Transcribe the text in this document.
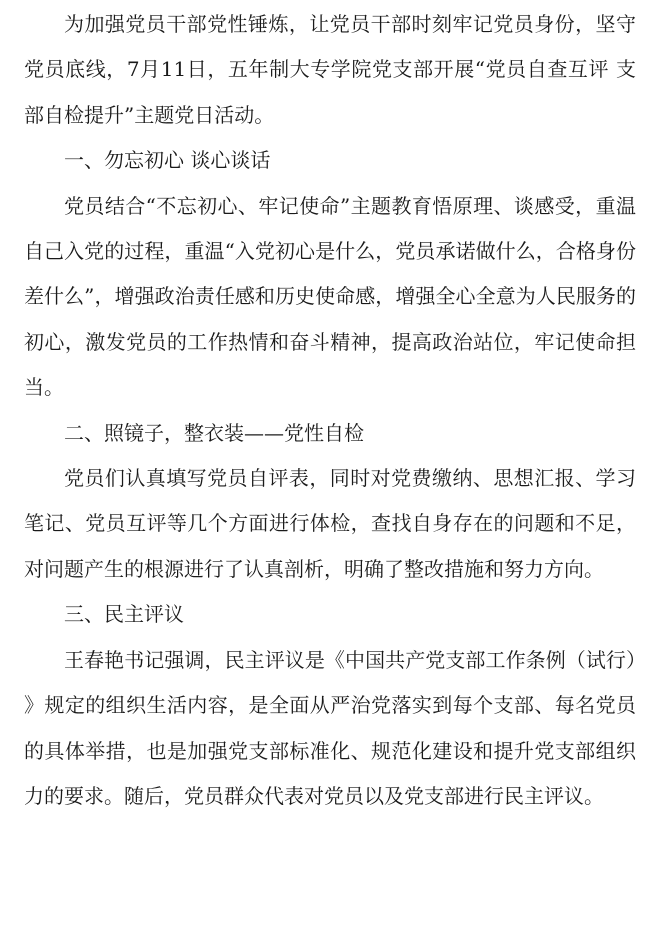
为加强党员干部党性锤炼，让党员干部时刻牢记党员身份，坚守党员底线，7月11日，五年制大专学院党支部开展“党员自查互评 支部自检提升”主题党日活动。

一、勿忘初心 谈心谈话

党员结合“不忘初心、牢记使命”主题教育悟原理、谈感受，重温自己入党的过程，重温“入党初心是什么，党员承诺做什么，合格身份差什么”，增强政治责任感和历史使命感，增强全心全意为人民服务的初心，激发党员的工作热情和奋斗精神，提高政治站位，牢记使命担当。

二、照镜子，整衣装——党性自检

党员们认真填写党员自评表，同时对党费缴纳、思想汇报、学习笔记、党员互评等几个方面进行体检，查找自身存在的问题和不足，对问题产生的根源进行了认真剖析，明确了整改措施和努力方向。

三、民主评议

王春艳书记强调，民主评议是《中国共产党支部工作条例（试行）》规定的组织生活内容，是全面从严治党落实到每个支部、每名党员的具体举措，也是加强党支部标准化、规范化建设和提升党支部组织力的要求。随后，党员群众代表对党员以及党支部进行民主评议。
